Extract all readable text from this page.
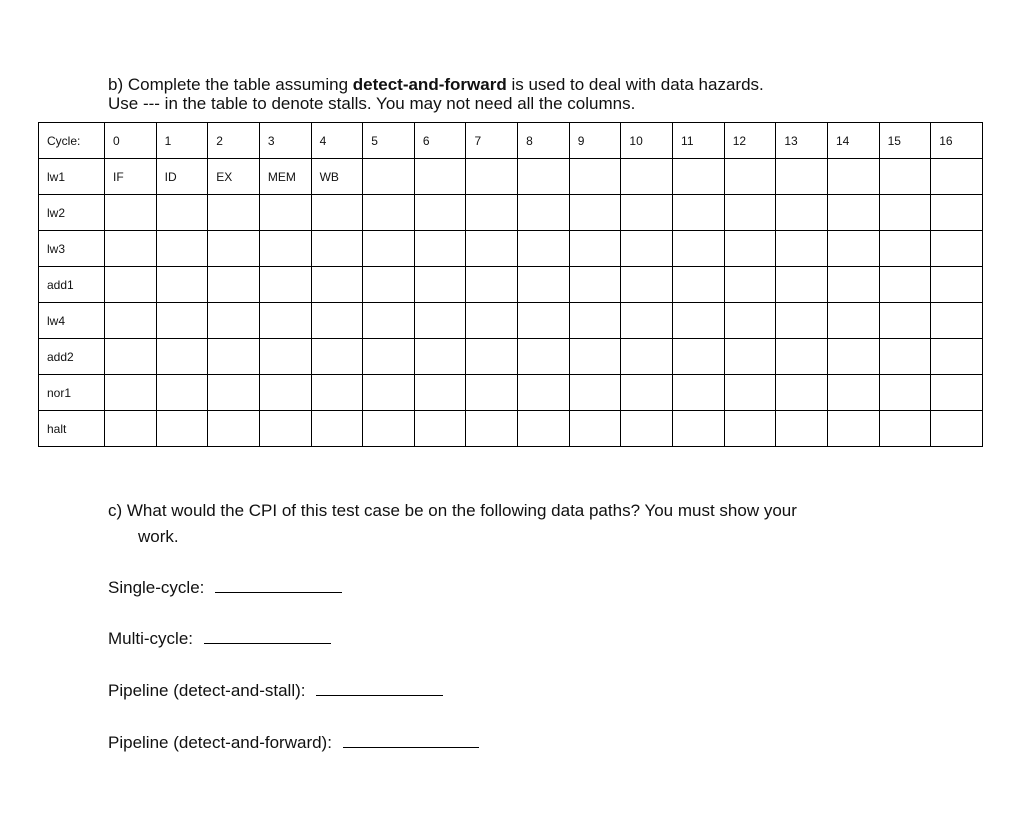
b) Complete the table assuming detect-and-forward is used to deal with data hazards.
Use --- in the table to denote stalls. You may not need all the columns.
Cycle:	0	1	2	3	4	5	6	7	8	9	10	11	12	13	14	15	16
lw1	IF	ID	EX	MEM	WB												
lw2																	
lw3																	
add1																	
lw4																	
add2																	
nor1																	
halt																	
c) What would the CPI of this test case be on the following data paths? You must show your
work.
Single-cycle:
Multi-cycle:
Pipeline (detect-and-stall):
Pipeline (detect-and-forward):
